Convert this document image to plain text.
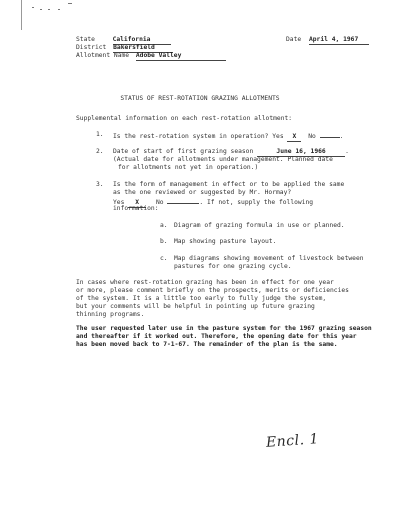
State	California	Date April 4, 1967
District Bakersfield
Allotment Name Adobe Valley
STATUS OF REST-ROTATION GRAZING ALLOTMENTS
Supplemental information on each rest-rotation allotment:
1. Is the rest-rotation system in operation? Yes X No	.
2. Date of start of first grazing season	June 16, 1966	.
(Actual date for allotments under management. Planned date
for allotments not yet in operation.)
3. Is the form of management in effect or to be applied the same
as the one reviewed or suggested by Mr. Hormay?
Yes X	No	. If not, supply the following
information:
a. Diagram of grazing formula in use or planned.
b. Map showing pasture layout.
c. Map diagrams showing movement of livestock between
pastures for one grazing cycle.
In cases where rest-rotation grazing has been in effect for one year
or more, please comment briefly on the prospects, merits or deficiencies
of the system. It is a little too early to fully judge the system,
but your comments will be helpful in pointing up future grazing
thinning programs.
The user requested later use in the pasture system for the 1967 grazing season
and thereafter if it worked out. Therefore, the opening date for this year
has been moved back to 7-1-67. The remainder of the plan is the same.
Encl. 1
